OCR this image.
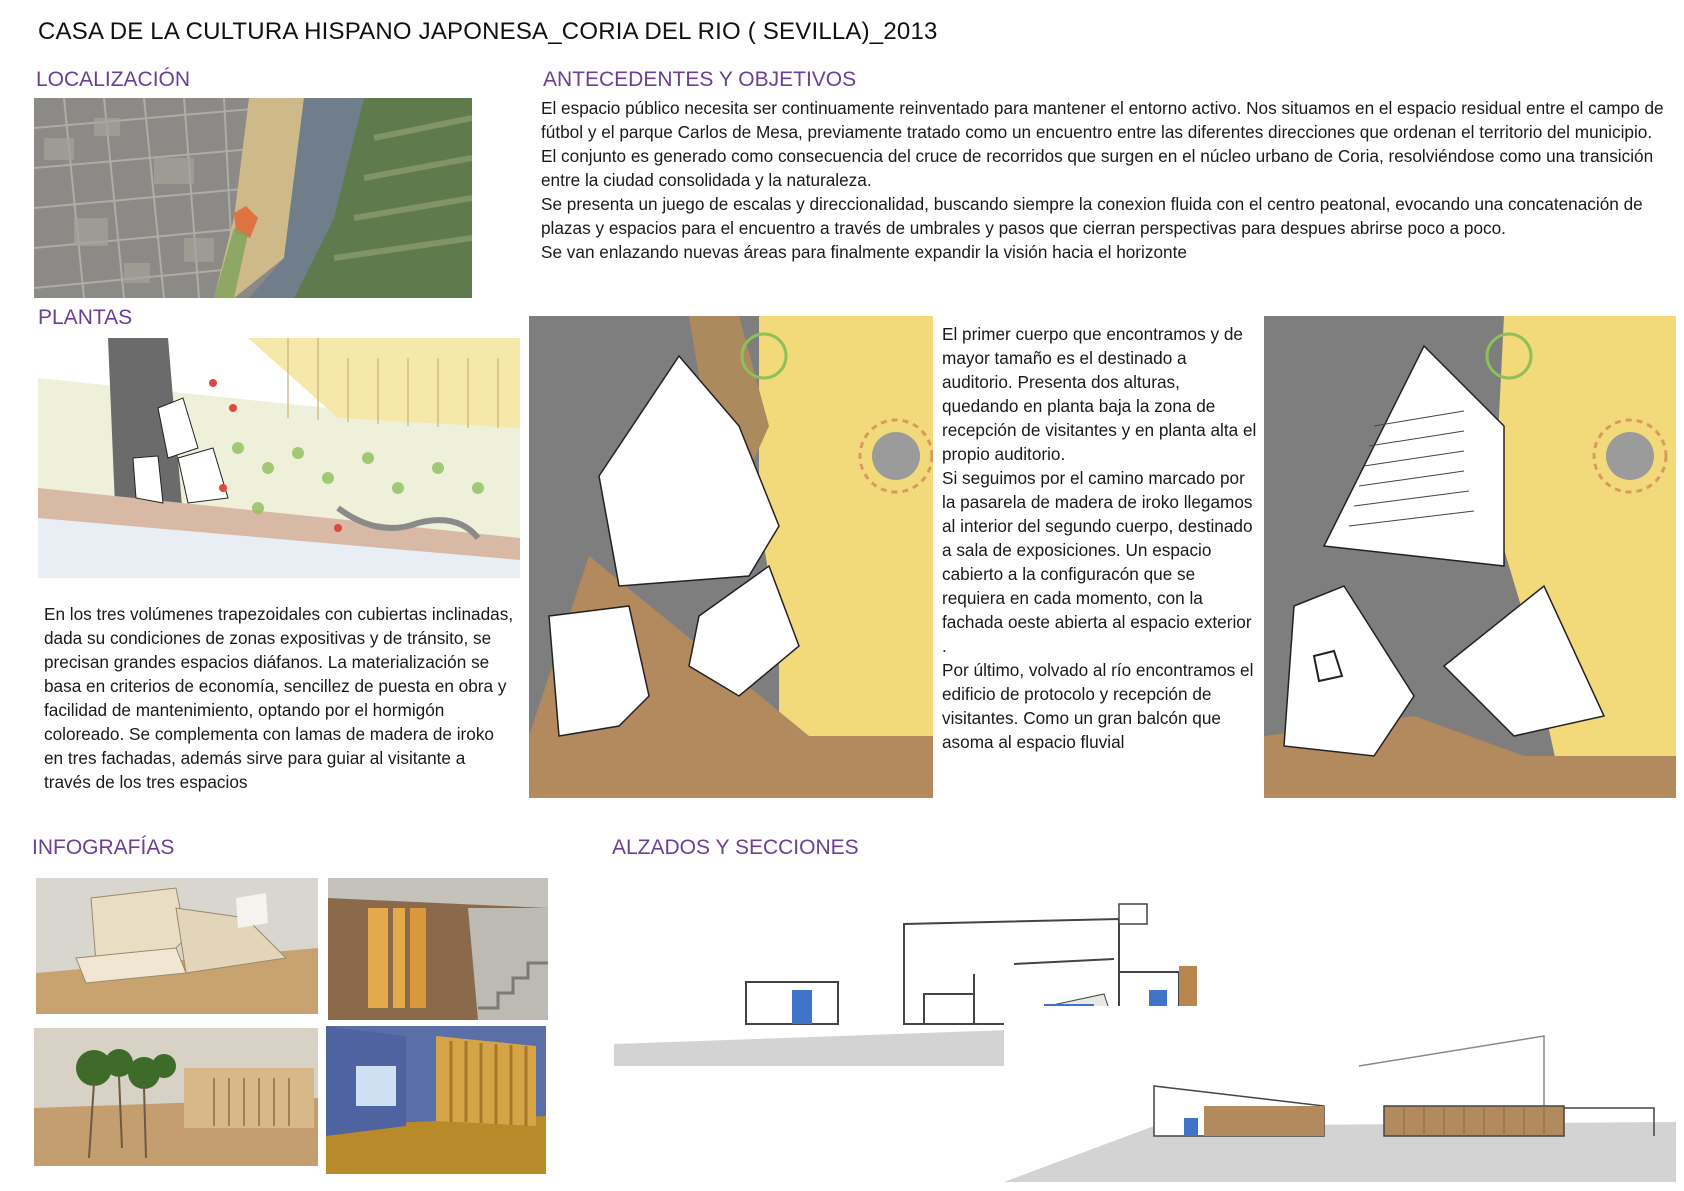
CASA DE LA CULTURA HISPANO JAPONESA_CORIA DEL RIO ( SEVILLA)_2013
LOCALIZACIÓN	ANTECEDENTES Y OBJETIVOS

El espacio público necesita ser continuamente reinventado para mantener el entorno activo. Nos situamos en el espacio residual entre el campo de fútbol y el parque Carlos de Mesa, previamente tratado como un encuentro entre las diferentes direcciones que ordenan el territorio del municipio.

El conjunto es generado como consecuencia del cruce de recorridos que surgen en el núcleo urbano de Coria, resolviéndose como una transición entre la ciudad consolidada y la naturaleza.

Se presenta un juego de escalas y direccionalidad, buscando siempre la conexion fluida con el centro peatonal, evocando una concatenación de plazas y espacios para el encuentro a través de umbrales y pasos que cierran perspectivas para despues abrirse poco a poco.

Se van enlazando nuevas áreas para finalmente expandir la visión hacia el horizonte

PLANTAS
En los tres volúmenes trapezoidales con cubiertas inclinadas, dada su condiciones de zonas expositivas y de tránsito, se precisan grandes espacios diáfanos. La materialización se basa en criterios de economía, sencillez de puesta en obra y facilidad de mantenimiento, optando por el hormigón coloreado. Se complementa con lamas de madera de iroko en tres fachadas, además sirve para guiar al visitante a través de los tres espacios

El primer cuerpo que encontramos y de mayor tamaño es el destinado a auditorio. Presenta dos alturas, quedando en planta baja la zona de recepción de visitantes y en planta alta el propio auditorio.

Si seguimos por el camino marcado por la pasarela de madera de iroko llegamos al interior del segundo cuerpo, destinado a sala de exposiciones. Un espacio cabierto a la configuracón que se requiera en cada momento, con la fachada oeste abierta al espacio exterior .

Por último, volvado al río encontramos el edificio de protocolo y recepción de visitantes. Como un gran balcón que asoma al espacio fluvial

INFOGRAFÍAS	ALZADOS Y SECCIONES
